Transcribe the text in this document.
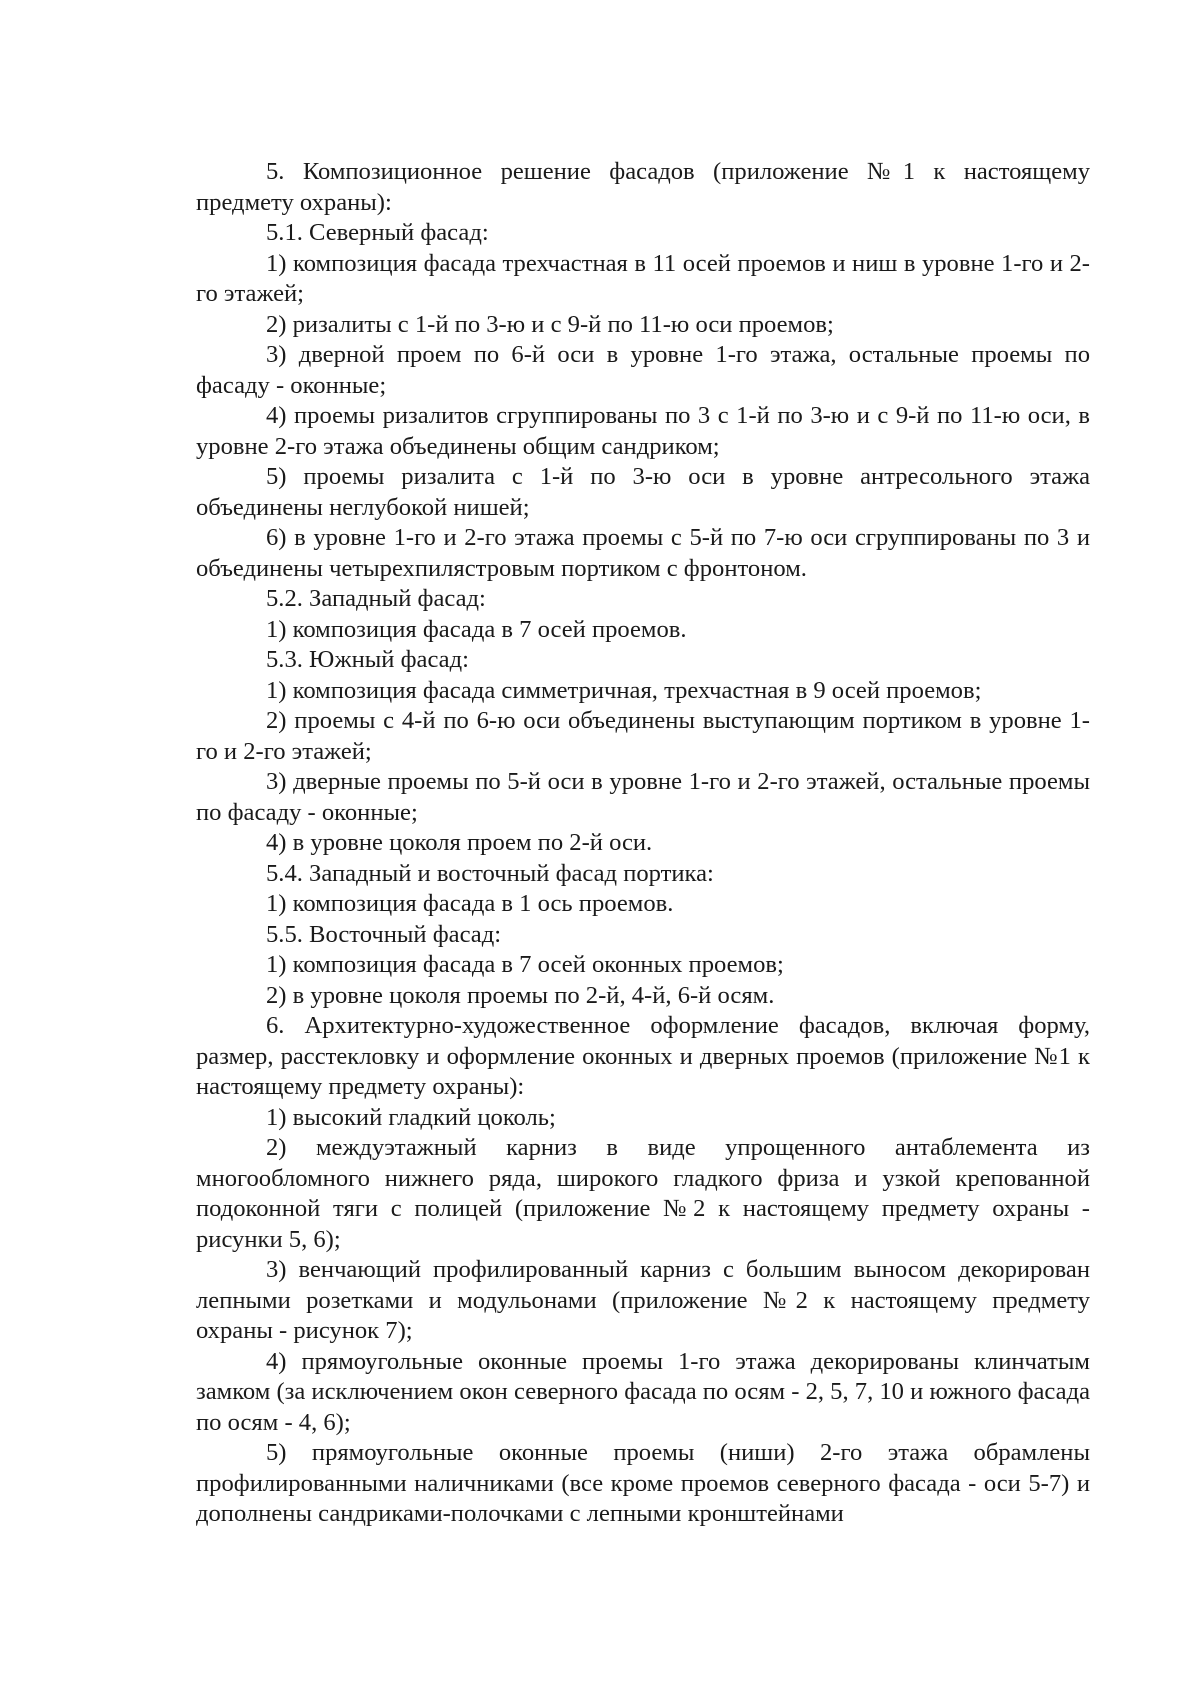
5. Композиционное решение фасадов (приложение №1 к настоящему предмету охраны):

5.1. Северный фасад:

1) композиция фасада трехчастная в 11 осей проемов и ниш в уровне 1-го и 2-го этажей;

2) ризалиты с 1-й по 3-ю и с 9-й по 11-ю оси проемов;

3) дверной проем по 6-й оси в уровне 1-го этажа, остальные проемы по фасаду - оконные;

4) проемы ризалитов сгруппированы по 3 с 1-й по 3-ю и с 9-й по 11-ю оси, в уровне 2-го этажа объединены общим сандриком;

5) проемы ризалита с 1-й по 3-ю оси в уровне антресольного этажа объединены неглубокой нишей;

6) в уровне 1-го и 2-го этажа проемы с 5-й по 7-ю оси сгруппированы по 3 и объединены четырехпилястровым портиком с фронтоном.

5.2. Западный фасад:

1) композиция фасада в 7 осей проемов.

5.3. Южный фасад:

1) композиция фасада симметричная, трехчастная в 9 осей проемов;

2) проемы с 4-й по 6-ю оси объединены выступающим портиком в уровне 1-го и 2-го этажей;

3) дверные проемы по 5-й оси в уровне 1-го и 2-го этажей, остальные проемы по фасаду - оконные;

4) в уровне цоколя проем по 2-й оси.

5.4. Западный и восточный фасад портика:

1) композиция фасада в 1 ось проемов.

5.5. Восточный фасад:

1) композиция фасада в 7 осей оконных проемов;

2) в уровне цоколя проемы по 2-й, 4-й, 6-й осям.

6. Архитектурно-художественное оформление фасадов, включая форму, размер, расстекловку и оформление оконных и дверных проемов (приложение №1 к настоящему предмету охраны):

1) высокий гладкий цоколь;

2) междуэтажный карниз в виде упрощенного антаблемента из многообломного нижнего ряда, широкого гладкого фриза и узкой крепованной подоконной тяги с полицей (приложение №2 к настоящему предмету охраны - рисунки 5, 6);

3) венчающий профилированный карниз с большим выносом декорирован лепными розетками и модульонами (приложение №2 к настоящему предмету охраны - рисунок 7);

4) прямоугольные оконные проемы 1-го этажа декорированы клинчатым замком (за исключением окон северного фасада по осям - 2, 5, 7, 10 и южного фасада по осям - 4, 6);

5) прямоугольные оконные проемы (ниши) 2-го этажа обрамлены профилированными наличниками (все кроме проемов северного фасада - оси 5-7) и дополнены сандриками-полочками с лепными кронштейнами
